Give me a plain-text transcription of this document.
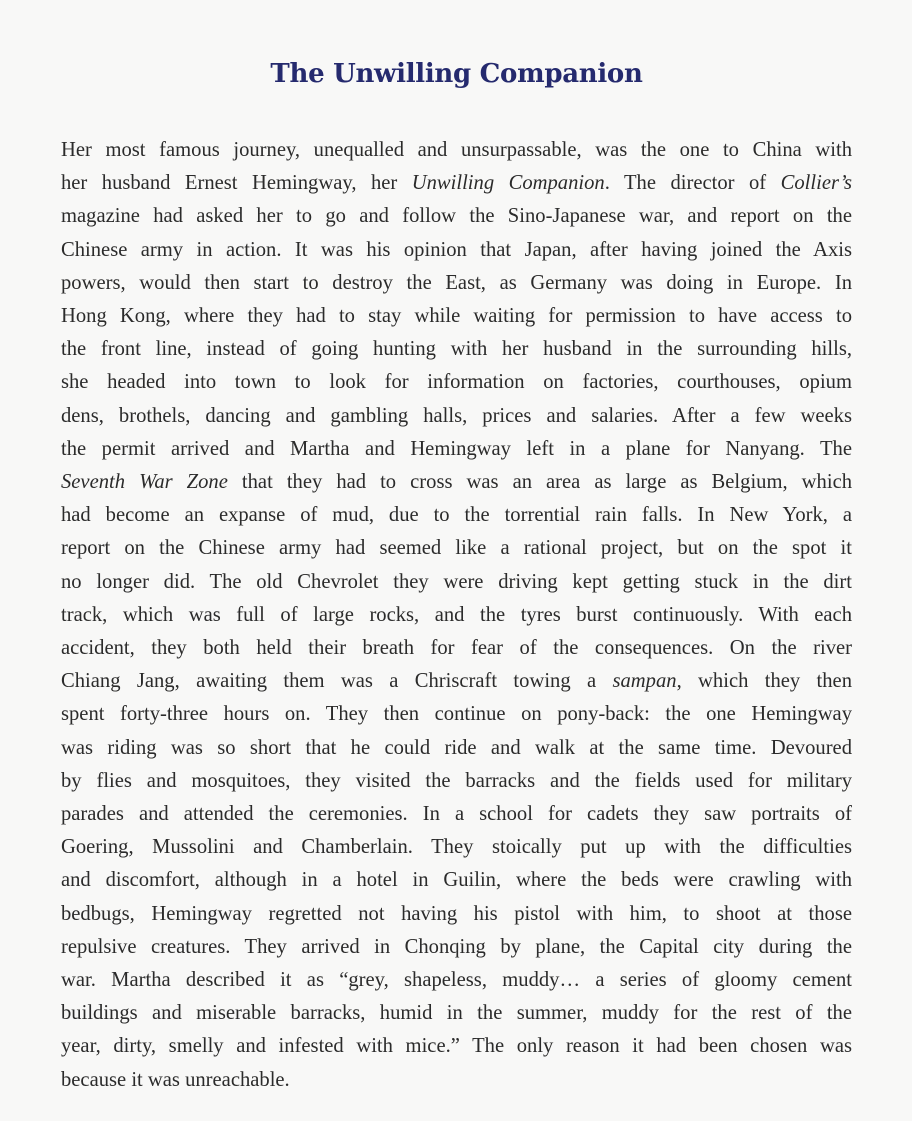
The Unwilling Companion
Her most famous journey, unequalled and unsurpassable, was the one to China with
her husband Ernest Hemingway, her Unwilling Companion. The director of Collier’s
magazine had asked her to go and follow the Sino-Japanese war, and report on the
Chinese army in action. It was his opinion that Japan, after having joined the Axis
powers, would then start to destroy the East, as Germany was doing in Europe. In
Hong Kong, where they had to stay while waiting for permission to have access to
the front line, instead of going hunting with her husband in the surrounding hills,
she headed into town to look for information on factories, courthouses, opium
dens, brothels, dancing and gambling halls, prices and salaries. After a few weeks
the permit arrived and Martha and Hemingway left in a plane for Nanyang. The
Seventh War Zone that they had to cross was an area as large as Belgium, which
had become an expanse of mud, due to the torrential rain falls. In New York, a
report on the Chinese army had seemed like a rational project, but on the spot it
no longer did. The old Chevrolet they were driving kept getting stuck in the dirt
track, which was full of large rocks, and the tyres burst continuously. With each
accident, they both held their breath for fear of the consequences. On the river
Chiang Jang, awaiting them was a Chriscraft towing a sampan, which they then
spent forty-three hours on. They then continue on pony-back: the one Hemingway
was riding was so short that he could ride and walk at the same time. Devoured
by flies and mosquitoes, they visited the barracks and the fields used for military
parades and attended the ceremonies. In a school for cadets they saw portraits of
Goering, Mussolini and Chamberlain. They stoically put up with the difficulties
and discomfort, although in a hotel in Guilin, where the beds were crawling with
bedbugs, Hemingway regretted not having his pistol with him, to shoot at those
repulsive creatures. They arrived in Chonqing by plane, the Capital city during the
war. Martha described it as “grey, shapeless, muddy… a series of gloomy cement
buildings and miserable barracks, humid in the summer, muddy for the rest of the
year, dirty, smelly and infested with mice.” The only reason it had been chosen was
because it was unreachable.
